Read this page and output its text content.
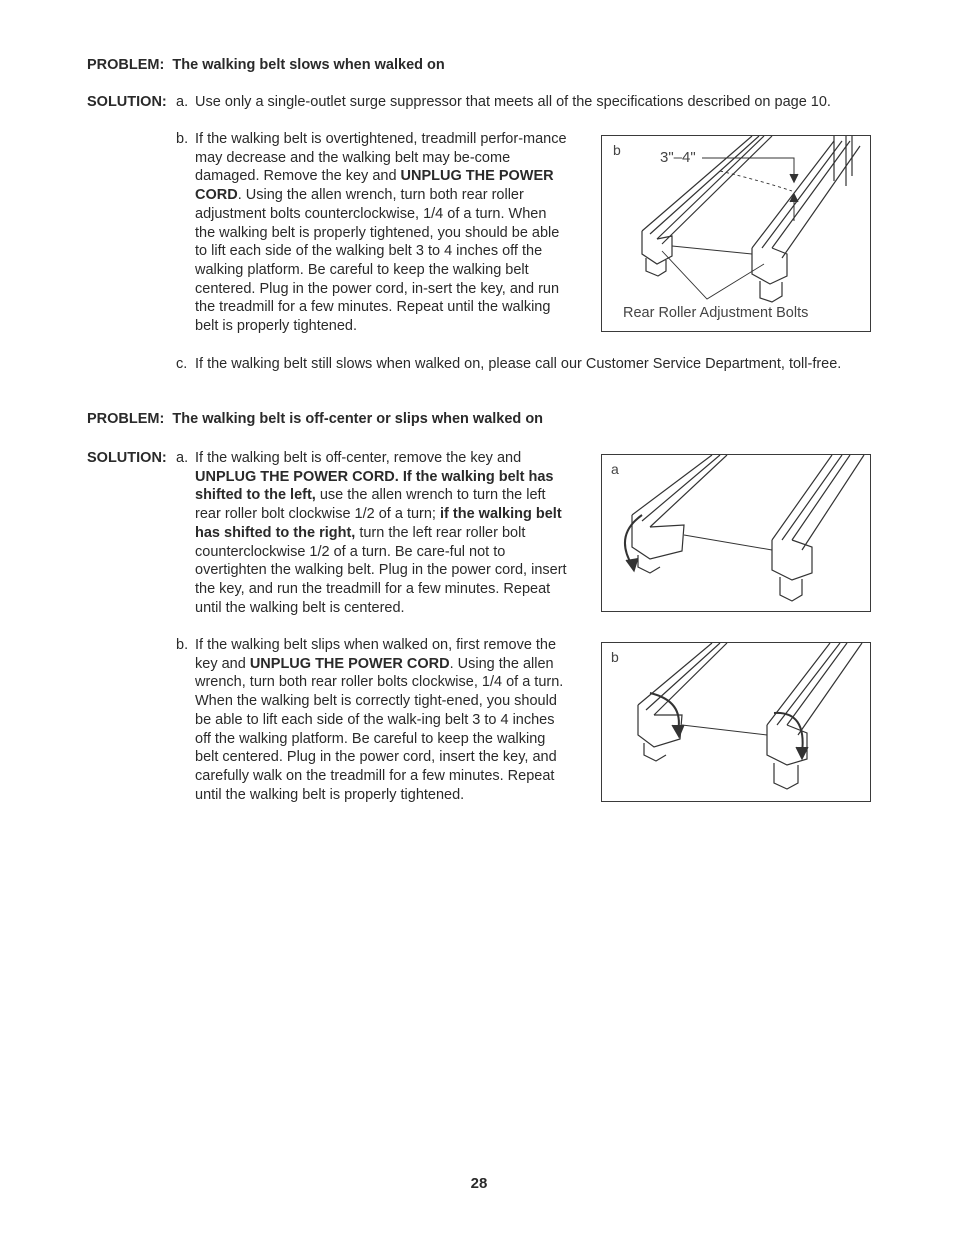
PROBLEM: The walking belt slows when walked on
SOLUTION: a. Use only a single-outlet surge suppressor that meets all of the specifications described on page 10.
b. If the walking belt is overtightened, treadmill perfor-mance may decrease and the walking belt may be-come damaged. Remove the key and UNPLUG THE POWER CORD. Using the allen wrench, turn both rear roller adjustment bolts counterclockwise, 1/4 of a turn. When the walking belt is properly tightened, you should be able to lift each side of the walking belt 3 to 4 inches off the walking platform. Be careful to keep the walking belt centered. Plug in the power cord, in-sert the key, and run the treadmill for a few minutes. Repeat until the walking belt is properly tightened.
b	3"–4"
Rear Roller Adjustment Bolts
c. If the walking belt still slows when walked on, please call our Customer Service Department, toll-free.
PROBLEM: The walking belt is off-center or slips when walked on
SOLUTION: a. If the walking belt is off-center, remove the key and UNPLUG THE POWER CORD. If the walking belt has shifted to the left, use the allen wrench to turn the left rear roller bolt clockwise 1/2 of a turn; if the walking belt has shifted to the right, turn the left rear roller bolt counterclockwise 1/2 of a turn. Be care-ful not to overtighten the walking belt. Plug in the power cord, insert the key, and run the treadmill for a few minutes. Repeat until the walking belt is centered.
a
b. If the walking belt slips when walked on, first remove the key and UNPLUG THE POWER CORD. Using the allen wrench, turn both rear roller bolts clockwise, 1/4 of a turn. When the walking belt is correctly tight-ened, you should be able to lift each side of the walk-ing belt 3 to 4 inches off the walking platform. Be careful to keep the walking belt centered. Plug in the power cord, insert the key, and carefully walk on the treadmill for a few minutes. Repeat until the walking belt is properly tightened.
b
28
